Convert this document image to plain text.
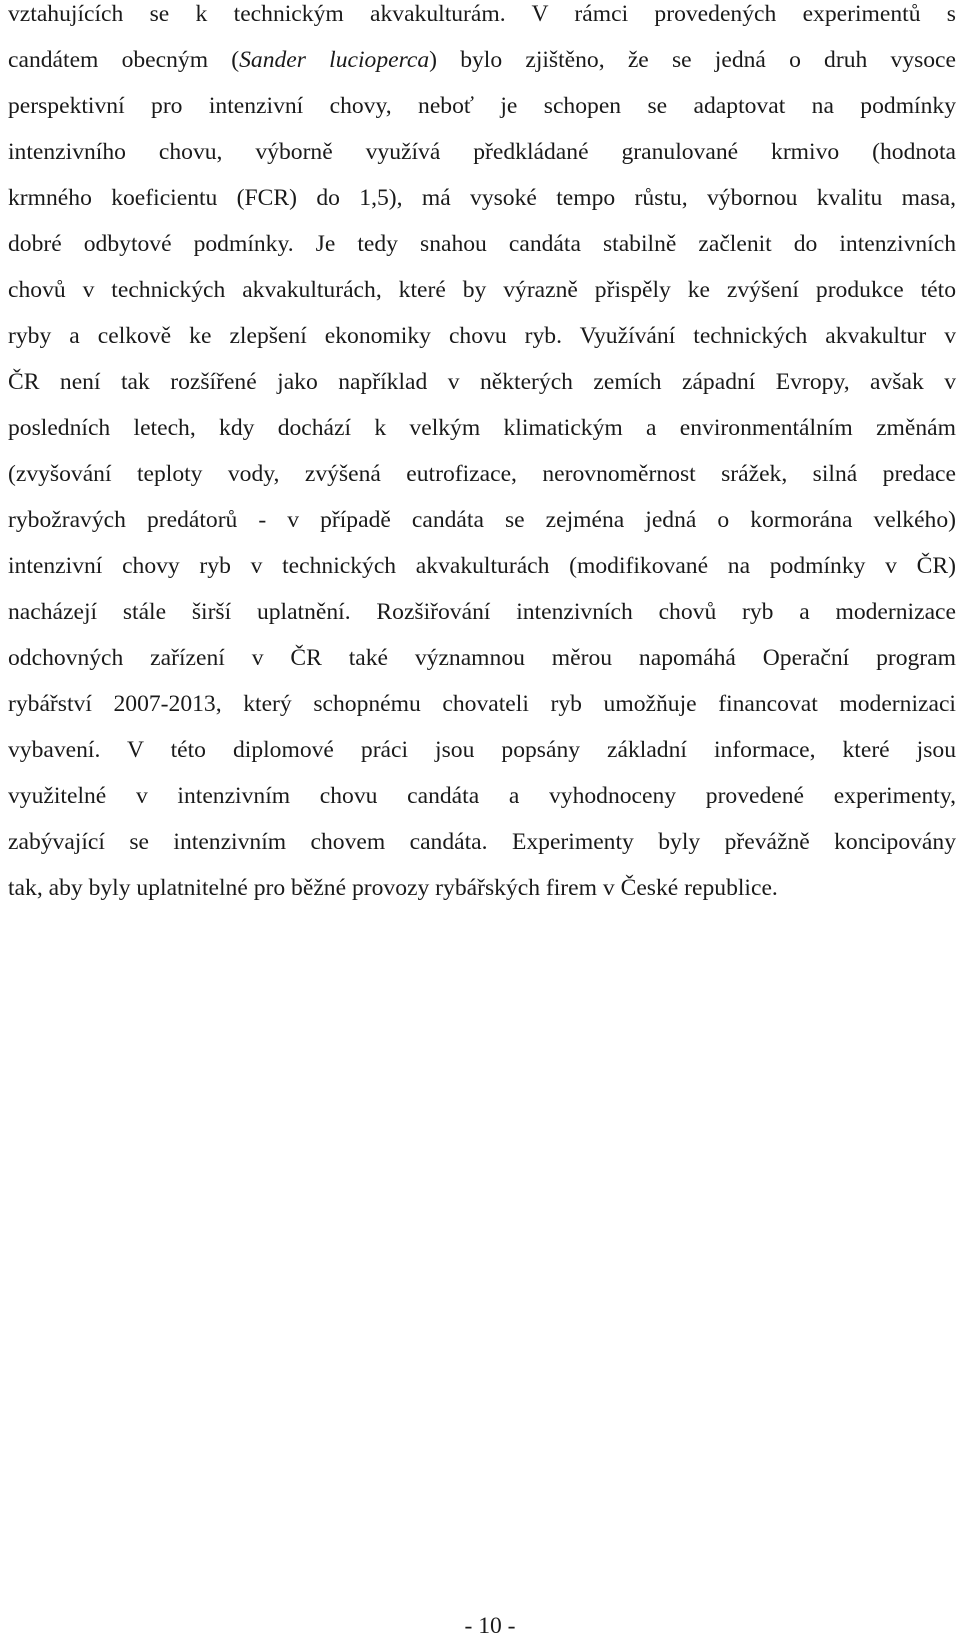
vztahujících se k technickým akvakulturám. V rámci provedených experimentů s
candátem obecným (Sander lucioperca) bylo zjištěno, že se jedná o druh vysoce
perspektivní pro intenzivní chovy, neboť je schopen se adaptovat na podmínky
intenzivního chovu, výborně využívá předkládané granulované krmivo (hodnota
krmného koeficientu (FCR) do 1,5), má vysoké tempo růstu, výbornou kvalitu masa,
dobré odbytové podmínky. Je tedy snahou candáta stabilně začlenit do intenzivních
chovů v technických akvakulturách, které by výrazně přispěly ke zvýšení produkce této
ryby a celkově ke zlepšení ekonomiky chovu ryb. Využívání technických akvakultur v
ČR není tak rozšířené jako například v některých zemích západní Evropy, avšak v
posledních letech, kdy dochází k velkým klimatickým a environmentálním změnám
(zvyšování teploty vody, zvýšená eutrofizace, nerovnoměrnost srážek, silná predace
rybožravých predátorů - v případě candáta se zejména jedná o kormorána velkého)
intenzivní chovy ryb v technických akvakulturách (modifikované na podmínky v ČR)
nacházejí stále širší uplatnění. Rozšiřování intenzivních chovů ryb a modernizace
odchovných zařízení v ČR také významnou měrou napomáhá Operační program
rybářství 2007-2013, který schopnému chovateli ryb umožňuje financovat modernizaci
vybavení. V této diplomové práci jsou popsány základní informace, které jsou
využitelné v intenzivním chovu candáta a vyhodnoceny provedené experimenty,
zabývající se intenzivním chovem candáta. Experimenty byly převážně koncipovány
tak, aby byly uplatnitelné pro běžné provozy rybářských firem v České republice.

- 10 -
